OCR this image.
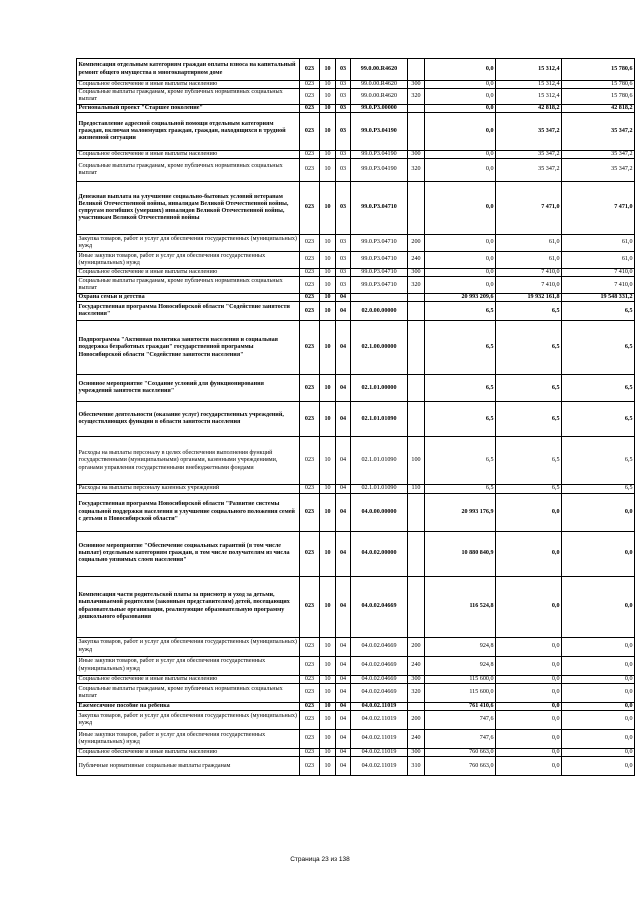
Компенсация отдельным категориям граждан оплаты взноса на капитальный ремонт общего имущества в многоквартирном доме	023	10	03	99.0.00.R4620		0,0	15 312,4	15 780,6
Социальное обеспечение и иные выплаты населению	023	10	03	99.0.00.R4620	300	0,0	15 312,4	15 780,6
Социальные выплаты гражданам, кроме публичных нормативных социальных выплат	023	10	03	99.0.00.R4620	320	0,0	15 312,4	15 780,6
Региональный проект "Старшее поколение"	023	10	03	99.0.P3.00000		0,0	42 818,2	42 818,2
Предоставление адресной социальной помощи отдельным категориям граждан, включая малоимущих граждан, граждан, находящихся в трудной жизненной ситуации	023	10	03	99.0.P3.04190		0,0	35 347,2	35 347,2
Социальное обеспечение и иные выплаты населению	023	10	03	99.0.P3.04190	300	0,0	35 347,2	35 347,2
Социальные выплаты гражданам, кроме публичных нормативных социальных выплат	023	10	03	99.0.P3.04190	320	0,0	35 347,2	35 347,2
Денежная выплата на улучшение социально-бытовых условий ветеранам Великой Отечественной войны, инвалидам Великой Отечественной войны, супругам погибших (умерших) инвалидов Великой Отечественной войны, участникам Великой Отечественной войны	023	10	03	99.0.P3.04710		0,0	7 471,0	7 471,0
Закупка товаров, работ и услуг для обеспечения государственных (муниципальных) нужд	023	10	03	99.0.P3.04710	200	0,0	61,0	61,0
Иные закупки товаров, работ и услуг для обеспечения государственных (муниципальных) нужд	023	10	03	99.0.P3.04710	240	0,0	61,0	61,0
Социальное обеспечение и иные выплаты населению	023	10	03	99.0.P3.04710	300	0,0	7 410,0	7 410,0
Социальные выплаты гражданам, кроме публичных нормативных социальных выплат	023	10	03	99.0.P3.04710	320	0,0	7 410,0	7 410,0
Охрана семьи и детства	023	10	04			20 993 209,6	19 932 161,8	19 548 331,2
Государственная программа Новосибирской области "Содействие занятости населения"	023	10	04	02.0.00.00000		6,5	6,5	6,5
Подпрограмма "Активная политика занятости населения и социальная поддержка безработных граждан" государственной программы Новосибирской области "Содействие занятости населения"	023	10	04	02.1.00.00000		6,5	6,5	6,5
Основное мероприятие "Создание условий для функционирования учреждений занятости населения"	023	10	04	02.1.01.00000		6,5	6,5	6,5
Обеспечение деятельности (оказание услуг) государственных учреждений, осуществляющих функции в области занятости населения	023	10	04	02.1.01.01090		6,5	6,5	6,5
Расходы на выплаты персоналу в целях обеспечения выполнения функций государственными (муниципальными) органами, казенными учреждениями, органами управления государственными внебюджетными фондами	023	10	04	02.1.01.01090	100	6,5	6,5	6,5
Расходы на выплаты персоналу казенных учреждений	023	10	04	02.1.01.01090	110	6,5	6,5	6,5
Государственная программа Новосибирской области "Развитие системы социальной поддержки населения и улучшение социального положения семей с детьми в Новосибирской области"	023	10	04	04.0.00.00000		20 993 176,9	0,0	0,0
Основное мероприятие "Обеспечение социальных гарантий (в том числе выплат) отдельным категориям граждан, в том числе получателям из числа социально уязвимых слоев населения"	023	10	04	04.0.02.00000		10 880 840,9	0,0	0,0
Компенсация части родительской платы за присмотр и уход за детьми, выплачиваемой родителям (законным представителям) детей, посещающих образовательные организации, реализующие образовательную программу дошкольного образования	023	10	04	04.0.02.04669		116 524,8	0,0	0,0
Закупка товаров, работ и услуг для обеспечения государственных (муниципальных) нужд	023	10	04	04.0.02.04669	200	924,8	0,0	0,0
Иные закупки товаров, работ и услуг для обеспечения государственных (муниципальных) нужд	023	10	04	04.0.02.04669	240	924,8	0,0	0,0
Социальное обеспечение и иные выплаты населению	023	10	04	04.0.02.04669	300	115 600,0	0,0	0,0
Социальные выплаты гражданам, кроме публичных нормативных социальных выплат	023	10	04	04.0.02.04669	320	115 600,0	0,0	0,0
Ежемесячное пособие на ребенка	023	10	04	04.0.02.11019		761 410,6	0,0	0,0
Закупка товаров, работ и услуг для обеспечения государственных (муниципальных) нужд	023	10	04	04.0.02.11019	200	747,6	0,0	0,0
Иные закупки товаров, работ и услуг для обеспечения государственных (муниципальных) нужд	023	10	04	04.0.02.11019	240	747,6	0,0	0,0
Социальное обеспечение и иные выплаты населению	023	10	04	04.0.02.11019	300	760 663,0	0,0	0,0
Публичные нормативные социальные выплаты гражданам	023	10	04	04.0.02.11019	310	760 663,0	0,0	0,0
Страница 23 из 138
